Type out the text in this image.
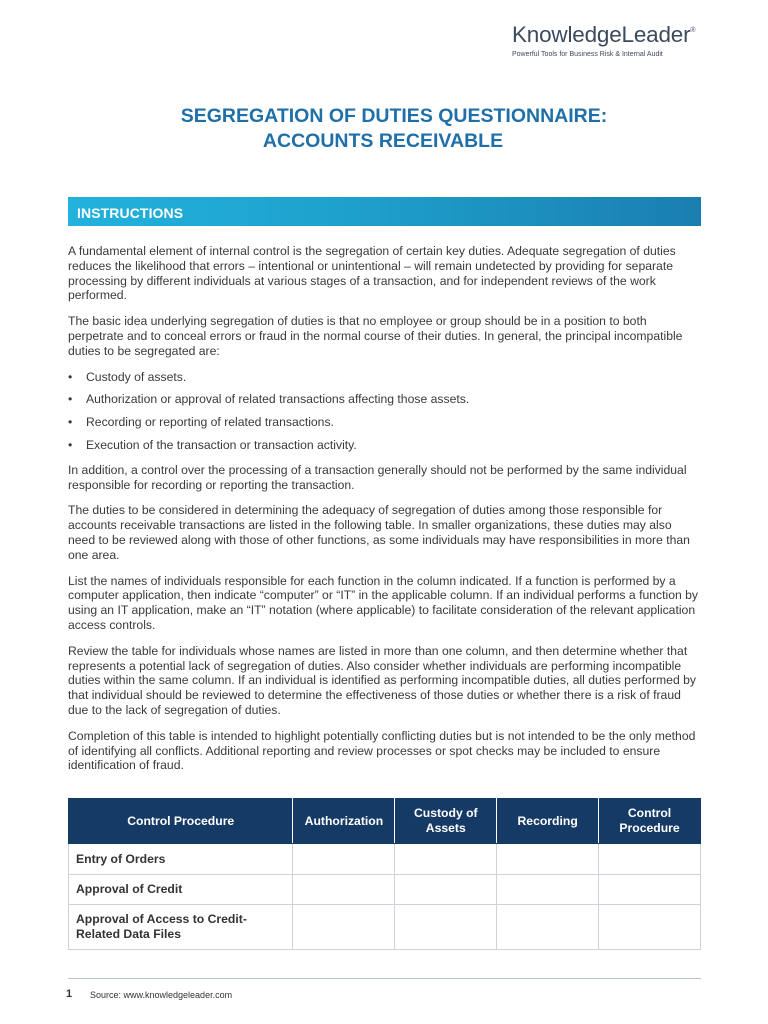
KnowledgeLeader®
Powerful Tools for Business Risk & Internal Audit
SEGREGATION OF DUTIES QUESTIONNAIRE:
ACCOUNTS RECEIVABLE
INSTRUCTIONS

A fundamental element of internal control is the segregation of certain key duties. Adequate segregation of duties reduces the likelihood that errors – intentional or unintentional – will remain undetected by providing for separate processing by different individuals at various stages of a transaction, and for independent reviews of the work performed.

The basic idea underlying segregation of duties is that no employee or group should be in a position to both perpetrate and to conceal errors or fraud in the normal course of their duties. In general, the principal incompatible duties to be segregated are:

• Custody of assets.
• Authorization or approval of related transactions affecting those assets.
• Recording or reporting of related transactions.
• Execution of the transaction or transaction activity.

In addition, a control over the processing of a transaction generally should not be performed by the same individual responsible for recording or reporting the transaction.

The duties to be considered in determining the adequacy of segregation of duties among those responsible for accounts receivable transactions are listed in the following table. In smaller organizations, these duties may also need to be reviewed along with those of other functions, as some individuals may have responsibilities in more than one area.

List the names of individuals responsible for each function in the column indicated. If a function is performed by a computer application, then indicate “computer” or “IT” in the applicable column. If an individual performs a function by using an IT application, make an “IT” notation (where applicable) to facilitate consideration of the relevant application access controls.

Review the table for individuals whose names are listed in more than one column, and then determine whether that represents a potential lack of segregation of duties. Also consider whether individuals are performing incompatible duties within the same column. If an individual is identified as performing incompatible duties, all duties performed by that individual should be reviewed to determine the effectiveness of those duties or whether there is a risk of fraud due to the lack of segregation of duties.

Completion of this table is intended to highlight potentially conflicting duties but is not intended to be the only method of identifying all conflicts. Additional reporting and review processes or spot checks may be included to ensure identification of fraud.

Control Procedure	Authorization	Custody of Assets	Recording	Control Procedure
Entry of Orders				
Approval of Credit				
Approval of Access to Credit-Related Data Files				
1 Source: www.knowledgeleader.com
